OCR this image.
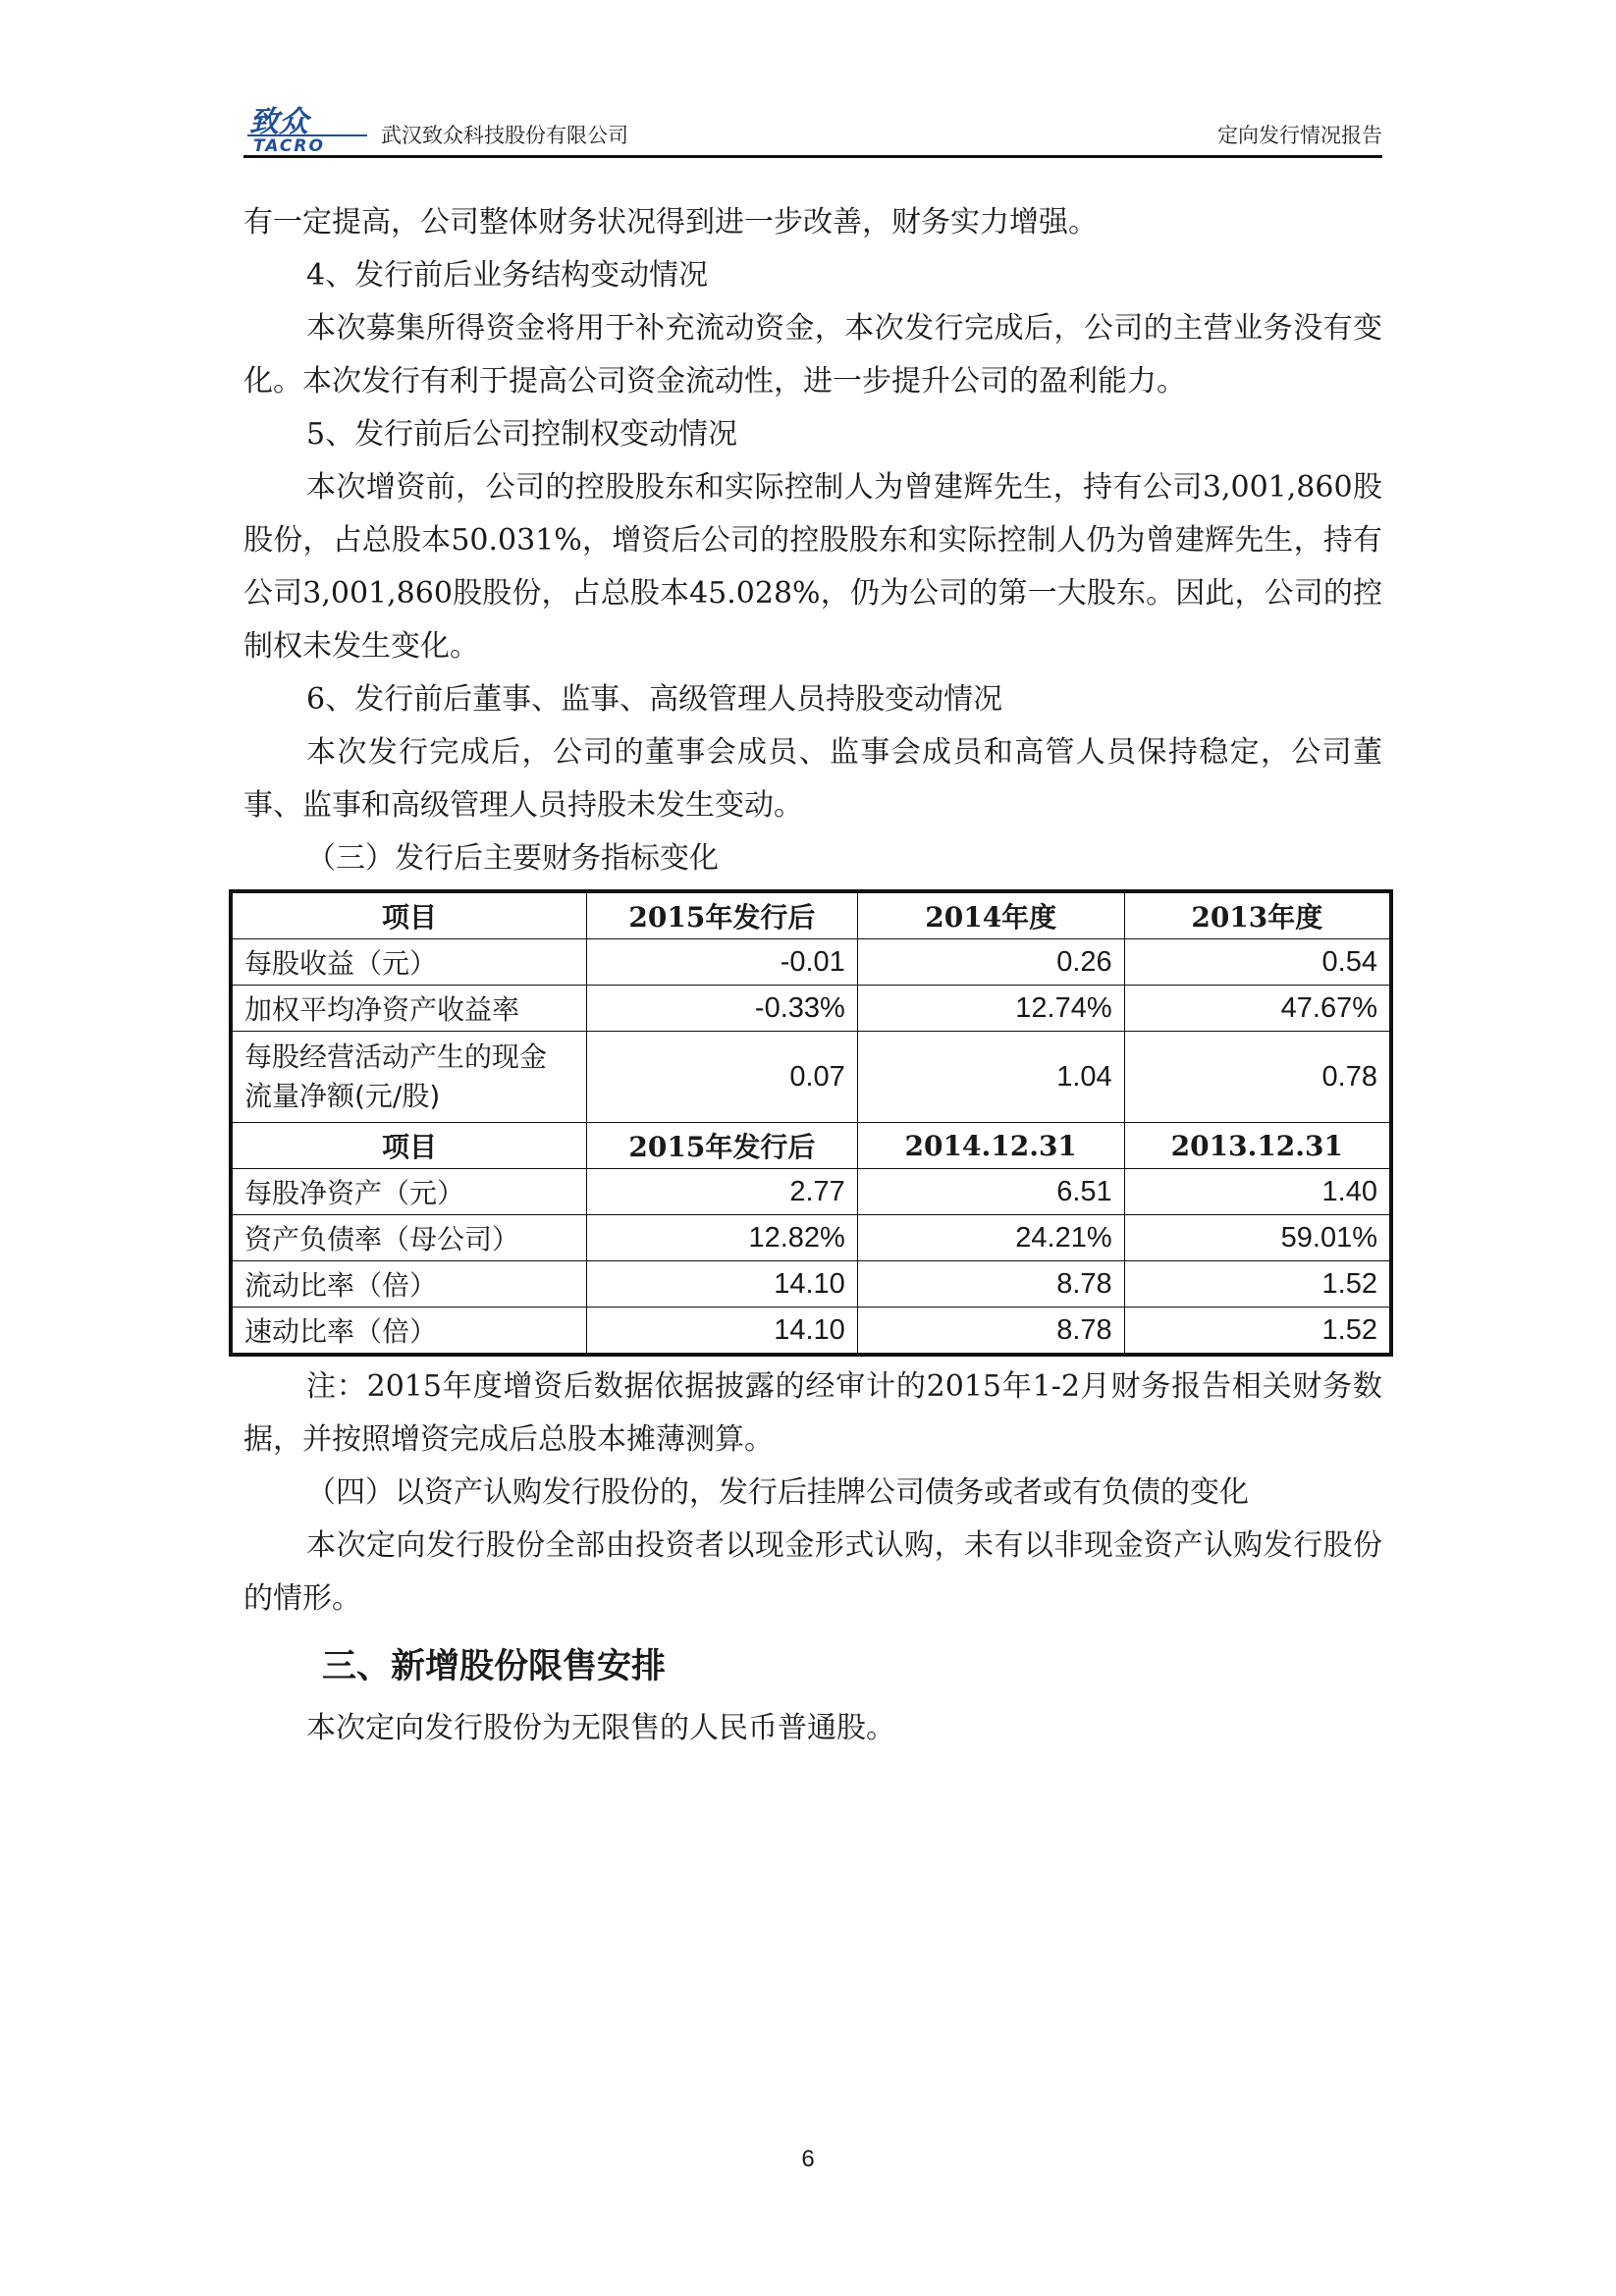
致众
TACRO	武汉致众科技股份有限公司	定向发行情况报告

有一定提高，公司整体财务状况得到进一步改善，财务实力增强。

4、发行前后业务结构变动情况

本次募集所得资金将用于补充流动资金，本次发行完成后，公司的主营业务没有变化。本次发行有利于提高公司资金流动性，进一步提升公司的盈利能力。

5、发行前后公司控制权变动情况

本次增资前，公司的控股股东和实际控制人为曾建辉先生，持有公司3,001,860股股份，占总股本50.031%，增资后公司的控股股东和实际控制人仍为曾建辉先生，持有公司3,001,860股股份，占总股本45.028%，仍为公司的第一大股东。因此，公司的控制权未发生变化。

6、发行前后董事、监事、高级管理人员持股变动情况

本次发行完成后，公司的董事会成员、监事会成员和高管人员保持稳定，公司董事、监事和高级管理人员持股未发生变动。

（三）发行后主要财务指标变化

项目	2015年发行后	2014年度	2013年度
每股收益（元）	-0.01	0.26	0.54
加权平均净资产收益率	-0.33%	12.74%	47.67%
每股经营活动产生的现金流量净额(元/股)	0.07	1.04	0.78
项目	2015年发行后	2014.12.31	2013.12.31
每股净资产（元）	2.77	6.51	1.40
资产负债率（母公司）	12.82%	24.21%	59.01%
流动比率（倍）	14.10	8.78	1.52
速动比率（倍）	14.10	8.78	1.52

注：2015年度增资后数据依据披露的经审计的2015年1-2月财务报告相关财务数据，并按照增资完成后总股本摊薄测算。

（四）以资产认购发行股份的，发行后挂牌公司债务或者或有负债的变化

本次定向发行股份全部由投资者以现金形式认购，未有以非现金资产认购发行股份的情形。

三、新增股份限售安排

本次定向发行股份为无限售的人民币普通股。

6
